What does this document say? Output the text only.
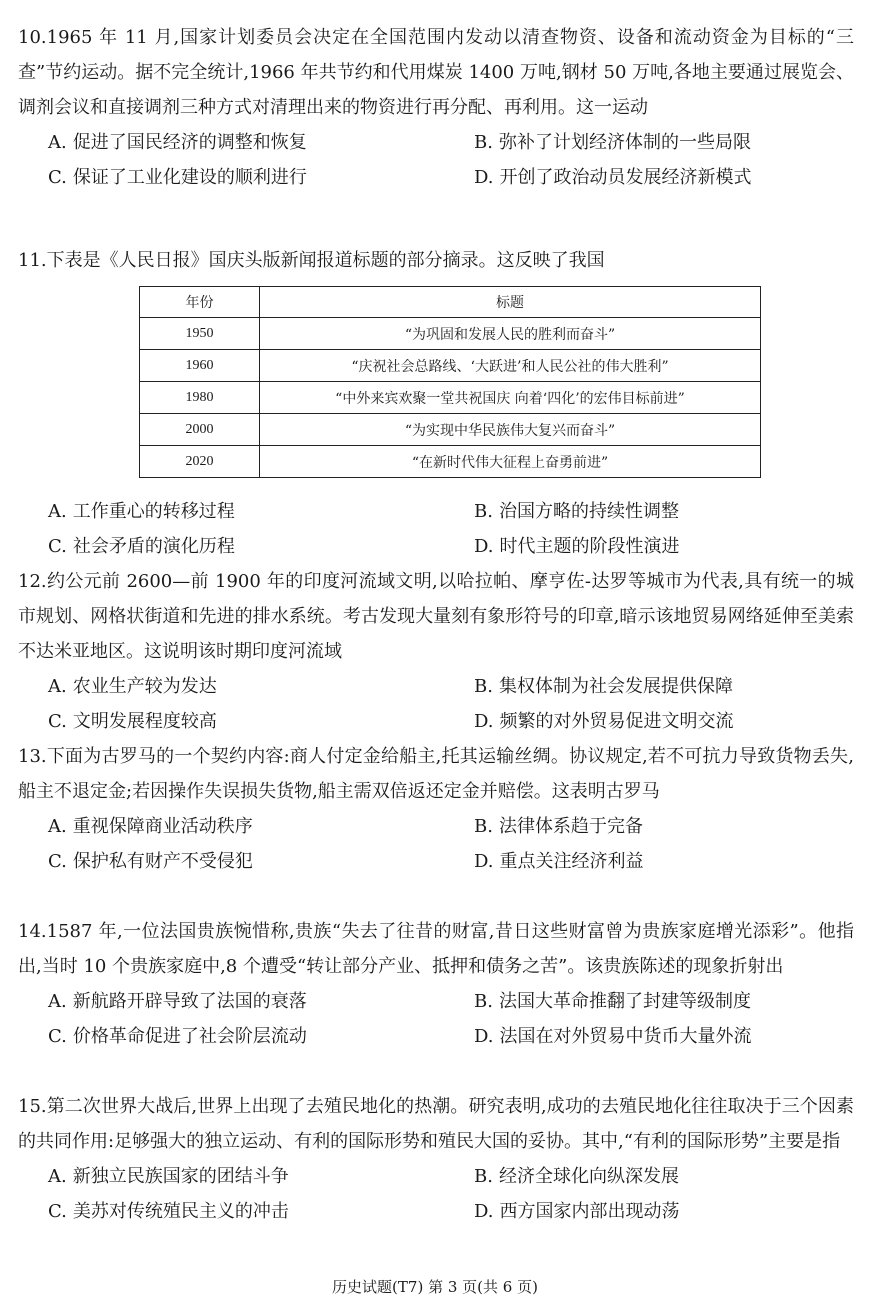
10.1965 年 11 月,国家计划委员会决定在全国范围内发动以清查物资、设备和流动资金为目标的“三查”节约运动。据不完全统计,1966 年共节约和代用煤炭 1400 万吨,钢材 50 万吨,各地主要通过展览会、调剂会议和直接调剂三种方式对清理出来的物资进行再分配、再利用。这一运动
A. 促进了国民经济的调整和恢复	B. 弥补了计划经济体制的一些局限
C. 保证了工业化建设的顺利进行	D. 开创了政治动员发展经济新模式
11.下表是《人民日报》国庆头版新闻报道标题的部分摘录。这反映了我国
年份	标题
1950	“为巩固和发展人民的胜利而奋斗”
1960	“庆祝社会总路线、‘大跃进’和人民公社的伟大胜利”
1980	“中外来宾欢聚一堂共祝国庆 向着‘四化’的宏伟目标前进”
2000	“为实现中华民族伟大复兴而奋斗”
2020	“在新时代伟大征程上奋勇前进”
A. 工作重心的转移过程	B. 治国方略的持续性调整
C. 社会矛盾的演化历程	D. 时代主题的阶段性演进
12.约公元前 2600—前 1900 年的印度河流域文明,以哈拉帕、摩亨佐-达罗等城市为代表,具有统一的城市规划、网格状街道和先进的排水系统。考古发现大量刻有象形符号的印章,暗示该地贸易网络延伸至美索不达米亚地区。这说明该时期印度河流域
A. 农业生产较为发达	B. 集权体制为社会发展提供保障
C. 文明发展程度较高	D. 频繁的对外贸易促进文明交流
13.下面为古罗马的一个契约内容:商人付定金给船主,托其运输丝绸。协议规定,若不可抗力导致货物丢失,船主不退定金;若因操作失误损失货物,船主需双倍返还定金并赔偿。这表明古罗马
A. 重视保障商业活动秩序	B. 法律体系趋于完备
C. 保护私有财产不受侵犯	D. 重点关注经济利益
14.1587 年,一位法国贵族惋惜称,贵族“失去了往昔的财富,昔日这些财富曾为贵族家庭增光添彩”。他指出,当时 10 个贵族家庭中,8 个遭受“转让部分产业、抵押和债务之苦”。该贵族陈述的现象折射出
A. 新航路开辟导致了法国的衰落	B. 法国大革命推翻了封建等级制度
C. 价格革命促进了社会阶层流动	D. 法国在对外贸易中货币大量外流
15.第二次世界大战后,世界上出现了去殖民地化的热潮。研究表明,成功的去殖民地化往往取决于三个因素的共同作用:足够强大的独立运动、有利的国际形势和殖民大国的妥协。其中,“有利的国际形势”主要是指
A. 新独立民族国家的团结斗争	B. 经济全球化向纵深发展
C. 美苏对传统殖民主义的冲击	D. 西方国家内部出现动荡
历史试题(T7) 第 3 页(共 6 页)
